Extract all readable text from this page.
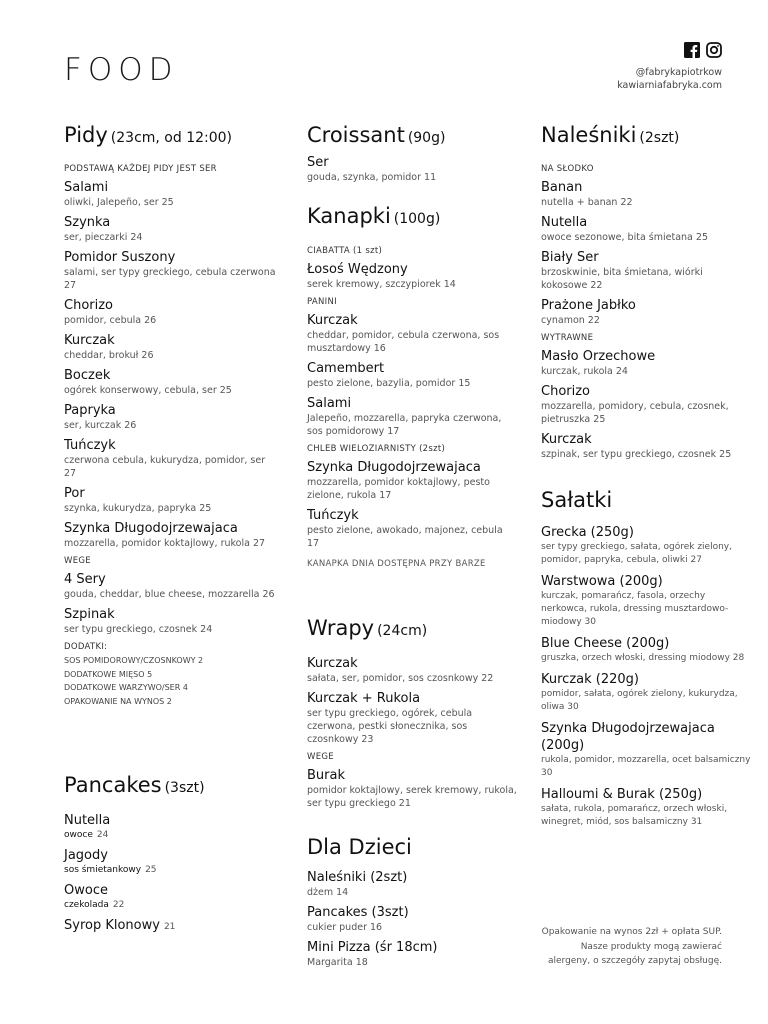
FOOD	@fabrykapiotrkow
kawiarniafabryka.com
Pidy (23cm, od 12:00)
PODSTAWĄ KAŻDEJ PIDY JEST SER
Salami
oliwki, Jalepeño, ser 25
Szynka
ser, pieczarki 24
Pomidor Suszony
salami, ser typy greckiego, cebula czerwona 27
Chorizo
pomidor, cebula 26
Kurczak
cheddar, brokuł 26
Boczek
ogórek konserwowy, cebula, ser 25
Papryka
ser, kurczak 26
Tuńczyk
czerwona cebula, kukurydza, pomidor, ser 27
Por
szynka, kukurydza, papryka 25
Szynka Długodojrzewajaca
mozzarella, pomidor koktajlowy, rukola 27
WEGE
4 Sery
gouda, cheddar, blue cheese, mozzarella 26
Szpinak
ser typu greckiego, czosnek 24
DODATKI:
SOS POMIDOROWY/CZOSNKOWY 2
DODATKOWE MIĘSO 5
DODATKOWE WARZYWO/SER 4
OPAKOWANIE NA WYNOS 2
Pancakes (3szt)
Nutella
owoce 24
Jagody
sos śmietankowy 25
Owoce
czekolada 22
Syrop Klonowy 21
Croissant (90g)
Ser
gouda, szynka, pomidor 11
Kanapki (100g)
CIABATTA (1 szt)
Łosoś Wędzony
serek kremowy, szczypiorek 14
PANINI
Kurczak
cheddar, pomidor, cebula czerwona, sos musztardowy 16
Camembert
pesto zielone, bazylia, pomidor 15
Salami
Jalepeño, mozzarella, papryka czerwona, sos pomidorowy 17
CHLEB WIELOZIARNISTY (2szt)
Szynka Długodojrzewajaca
mozzarella, pomidor koktajlowy, pesto zielone, rukola 17
Tuńczyk
pesto zielone, awokado, majonez, cebula 17
KANAPKA DNIA DOSTĘPNA PRZY BARZE
Wrapy (24cm)
Kurczak
sałata, ser, pomidor, sos czosnkowy 22
Kurczak + Rukola
ser typu greckiego, ogórek, cebula czerwona, pestki słonecznika, sos czosnkowy 23
WEGE
Burak
pomidor koktajlowy, serek kremowy, rukola, ser typu greckiego 21
Dla Dzieci
Naleśniki (2szt)
dżem 14
Pancakes (3szt)
cukier puder 16
Mini Pizza (śr 18cm)
Margarita 18
Naleśniki (2szt)
NA SŁODKO
Banan
nutella + banan 22
Nutella
owoce sezonowe, bita śmietana 25
Biały Ser
brzoskwinie, bita śmietana, wiórki kokosowe 22
Prażone Jabłko
cynamon 22
WYTRAWNE
Masło Orzechowe
kurczak, rukola 24
Chorizo
mozzarella, pomidory, cebula, czosnek, pietruszka 25
Kurczak
szpinak, ser typu greckiego, czosnek 25
Sałatki
Grecka (250g)
ser typy greckiego, sałata, ogórek zielony, pomidor, papryka, cebula, oliwki 27
Warstwowa (200g)
kurczak, pomarańcz, fasola, orzechy nerkowca, rukola, dressing musztardowo-miodowy 30
Blue Cheese (200g)
gruszka, orzech włoski, dressing miodowy 28
Kurczak (220g)
pomidor, sałata, ogórek zielony, kukurydza, oliwa 30
Szynka Długodojrzewajaca (200g)
rukola, pomidor, mozzarella, ocet balsamiczny 30
Halloumi & Burak (250g)
sałata, rukola, pomarańcz, orzech włoski, winegret, miód, sos balsamiczny 31
Opakowanie na wynos 2zł + opłata SUP.
Nasze produkty mogą zawierać
alergeny, o szczegóły zapytaj obsługę.
